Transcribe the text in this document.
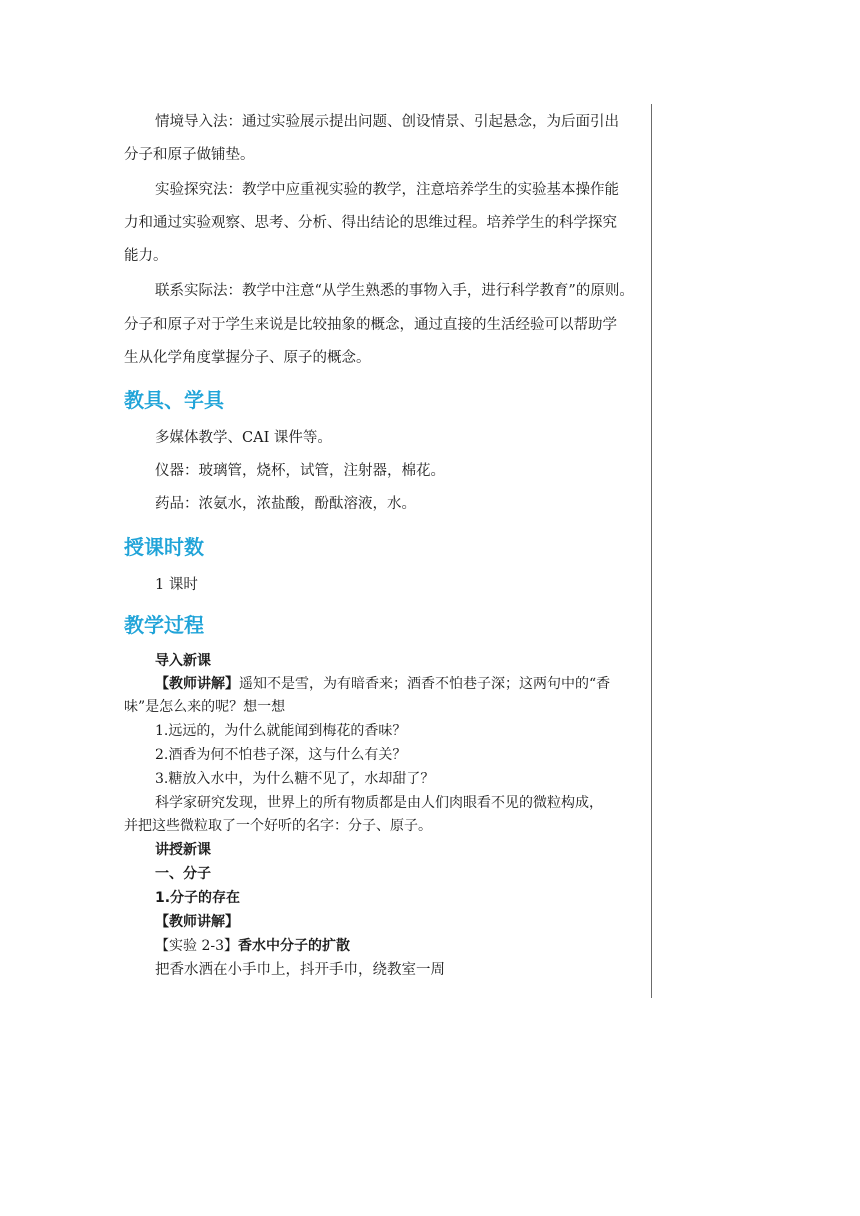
情境导入法：通过实验展示提出问题、创设情景、引起悬念，为后面引出
分子和原子做铺垫。
实验探究法：教学中应重视实验的教学，注意培养学生的实验基本操作能
力和通过实验观察、思考、分析、得出结论的思维过程。培养学生的科学探究
能力。
联系实际法：教学中注意“从学生熟悉的事物入手，进行科学教育”的原则。
分子和原子对于学生来说是比较抽象的概念，通过直接的生活经验可以帮助学
生从化学角度掌握分子、原子的概念。
教具、学具
多媒体教学、CAI 课件等。
仪器：玻璃管，烧杯，试管，注射器，棉花。
药品：浓氨水，浓盐酸，酚酞溶液，水。
授课时数
1 课时
教学过程
导入新课
【教师讲解】遥知不是雪，为有暗香来；酒香不怕巷子深；这两句中的“香
味”是怎么来的呢？想一想
1.远远的，为什么就能闻到梅花的香味？
2.酒香为何不怕巷子深，这与什么有关？
3.糖放入水中，为什么糖不见了，水却甜了？
科学家研究发现，世界上的所有物质都是由人们肉眼看不见的微粒构成，
并把这些微粒取了一个好听的名字：分子、原子。
讲授新课
一、分子
1.分子的存在
【教师讲解】
【实验 2-3】香水中分子的扩散
把香水洒在小手巾上，抖开手巾，绕教室一周
